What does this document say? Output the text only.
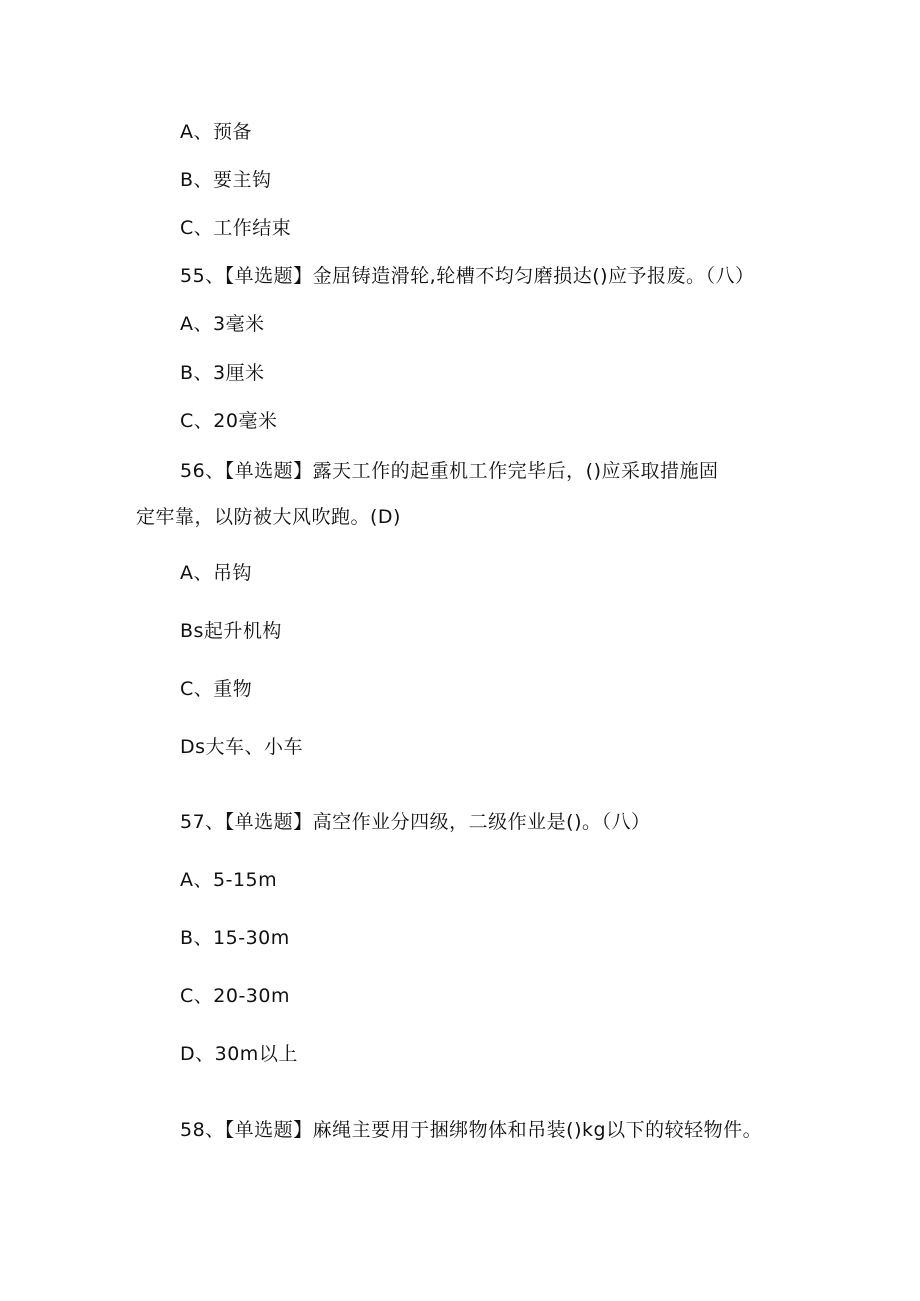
A、预备
B、要主钩
C、工作结束
55、【单选题】金屈铸造滑轮,轮槽不均匀磨损达()应予报废。（八）
A、3毫米
B、3厘米
C、20毫米
56、【单选题】露天工作的起重机工作完毕后，()应采取措施固
定牢靠，以防被大风吹跑。(D)
A、吊钩
Bs起升机构
C、重物
Ds大车、小车
57、【单选题】高空作业分四级，二级作业是()。（八）
A、5-15m
B、15-30m
C、20-30m
D、30m以上
58、【单选题】麻绳主要用于捆绑物体和吊装()kg以下的较轻物件。
